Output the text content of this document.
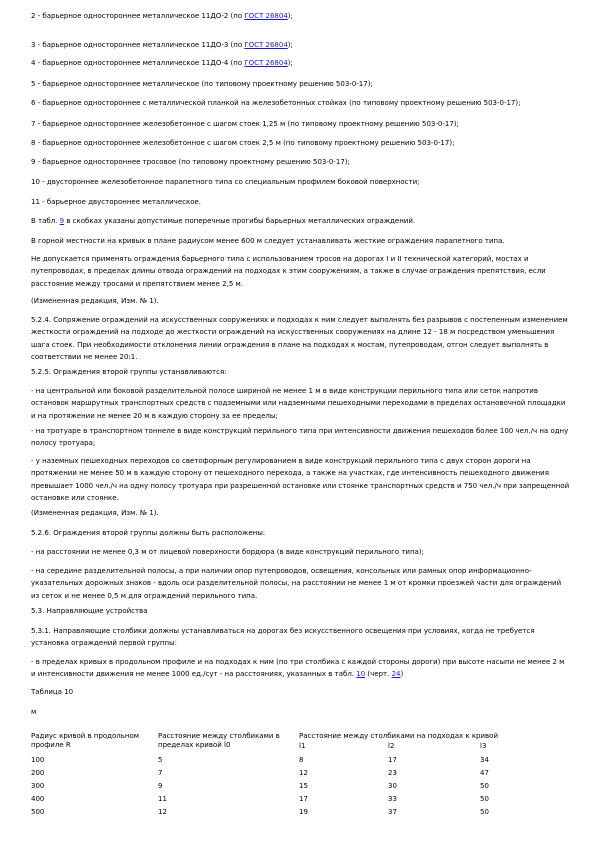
2 - барьерное одностороннее металлическое 11ДО-2 (по ГОСТ 26804);
3 - барьерное одностороннее металлическое 11ДО-3 (по ГОСТ 26804);
4 - барьерное одностороннее металлическое 11ДО-4 (по ГОСТ 26804);
5 - барьерное одностороннее металлическое (по типовому проектному решению 503-0-17);
6 - барьерное одностороннее с металлической планкой на железобетонных стойках (по типовому проектному решению 503-0-17);
7 - барьерное одностороннее железобетонное с шагом стоек 1,25 м (по типовому проектному решению 503-0-17);
8 - барьерное одностороннее железобетонное с шагом стоек 2,5 м (по типовому проектному решению 503-0-17);
9 - барьерное одностороннее тросовое (по типовому проектному решению 503-0-17);
10 - двустороннее железобетонное парапетного типа со специальным профилем боковой поверхности;
11 - барьерное двустороннее металлическое.
В табл. 9 в скобках указаны допустимые поперечные прогибы барьерных металлических ограждений.
В горной местности на кривых в плане радиусом менее 600 м следует устанавливать жесткие ограждения парапетного типа.
Не допускается применять ограждения барьерного типа с использованием тросов на дорогах I и II технической категорий, мостах и путепроводах, в пределах длины отвода ограждений на подходах к этим сооружениям, а также в случае ограждения препятствия, если расстояние между тросами и препятствием менее 2,5 м.
(Измененная редакция, Изм. № 1).
5.2.4. Сопряжение ограждений на искусственных сооружениях и подходах к ним следует выполнять без разрывов с постепенным изменением жесткости ограждений на подходе до жесткости ограждений на искусственных сооружениях на длине 12 - 18 м посредством уменьшения шага стоек. При необходимости отклонения линии ограждения в плане на подходах к мостам, путепроводам, отгон следует выполнять в соответствии не менее 20:1.
5.2.5. Ограждения второй группы устанавливаются:
- на центральной или боковой разделительной полосе шириной не менее 1 м в виде конструкции перильного типа или сеток напротив остановок маршрутных транспортных средств с подземными или надземными пешеходными переходами в пределах остановочной площадки и на протяжении не менее 20 м в каждую сторону за ее пределы;
- на тротуаре в транспортном тоннеле в виде конструкций перильного типа при интенсивности движения пешеходов более 100 чел./ч на одну полосу тротуара;
- у наземных пешеходных переходов со светофорным регулированием в виде конструкций перильного типа с двух сторон дороги на протяжении не менее 50 м в каждую сторону от пешеходного перехода, а также на участках, где интенсивность пешеходного движения превышает 1000 чел./ч на одну полосу тротуара при разрешенной остановке или стоянке транспортных средств и 750 чел./ч при запрещенной остановке или стоянке.
(Измененная редакция, Изм. № 1).
5.2.6. Ограждения второй группы должны быть расположены:
- на расстоянии не менее 0,3 м от лицевой поверхности бордюра (в виде конструкций перильного типа);
- на середине разделительной полосы, а при наличии опор путепроводов, освещения, консольных или рамных опор информационно-указательных дорожных знаков - вдоль оси разделительной полосы, на расстоянии не менее 1 м от кромки проезжей части для ограждений из сеток и не менее 0,5 м для ограждений перильного типа.
5.3. Направляющие устройства
5.3.1. Направляющие столбики должны устанавливаться на дорогах без искусственного освещения при условиях, когда не требуется установка ограждений первой группы:
- в пределах кривых в продольном профиле и на подходах к ним (по три столбика с каждой стороны дороги) при высоте насыпи не менее 2 м и интенсивности движения не менее 1000 ед./сут - на расстояниях, указанных в табл. 10 (черт. 24)
Таблица 10
м
Радиус кривой в продольном профиле R
Расстояние между столбиками в пределах кривой l0
Расстояние между столбиками на подходах к кривой
l1	l2	l3
100	5	8	17	34
200	7	12	23	47
300	9	15	30	50
400	11	17	33	50
500	12	19	37	50
